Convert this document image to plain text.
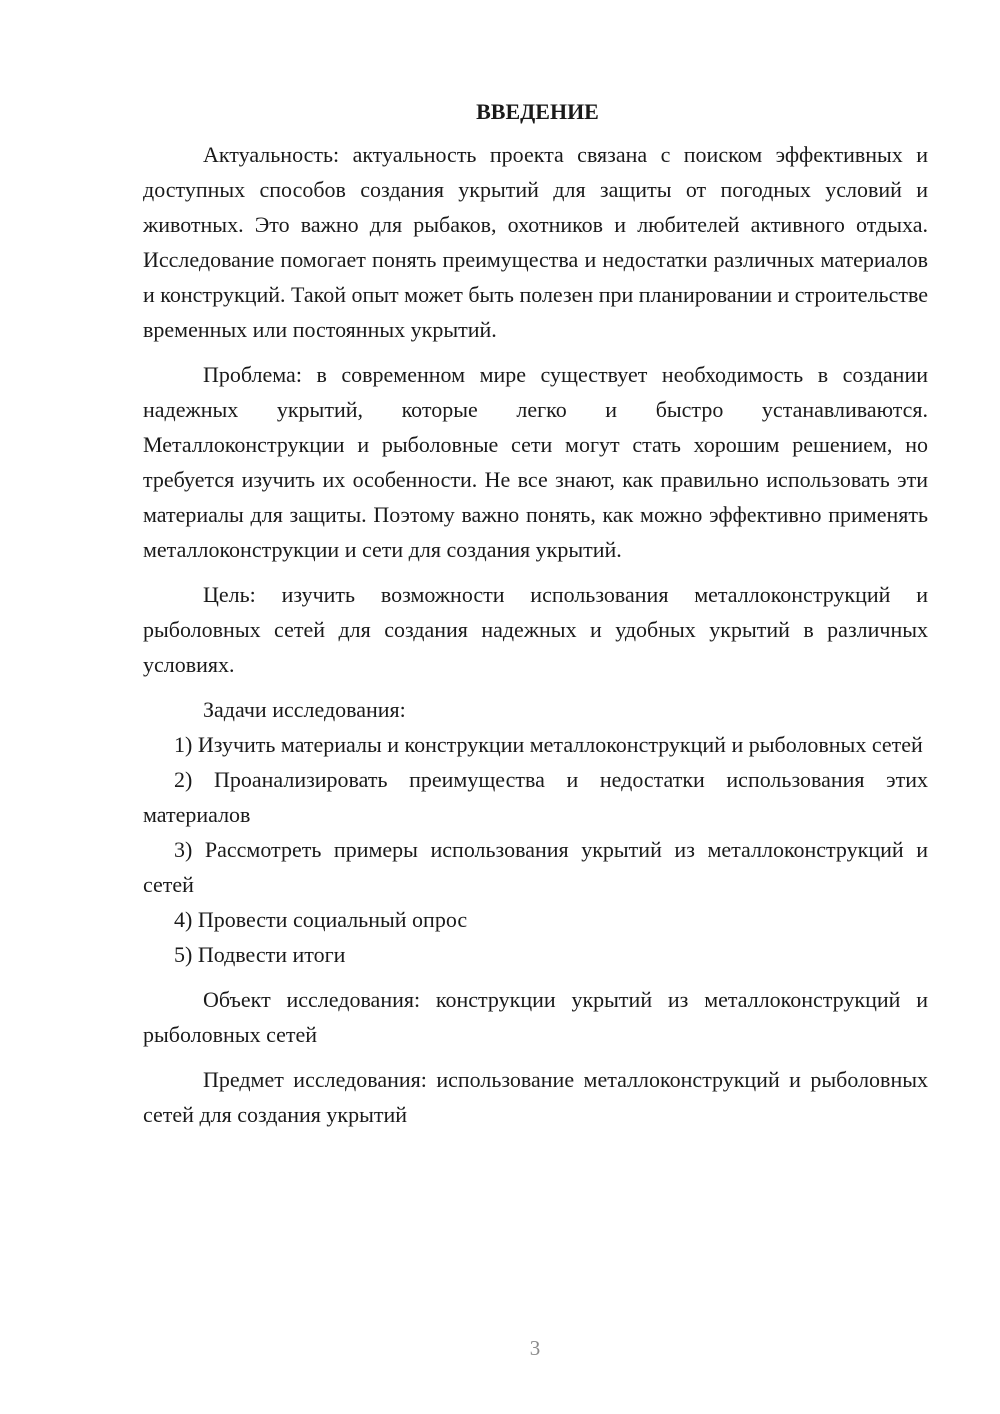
ВВЕДЕНИЕ

Актуальность: актуальность проекта связана с поиском эффективных и доступных способов создания укрытий для защиты от погодных условий и животных. Это важно для рыбаков, охотников и любителей активного отдыха. Исследование помогает понять преимущества и недостатки различных материалов и конструкций. Такой опыт может быть полезен при планировании и строительстве временных или постоянных укрытий.

Проблема: в современном мире существует необходимость в создании надежных укрытий, которые легко и быстро устанавливаются. Металлоконструкции и рыболовные сети могут стать хорошим решением, но требуется изучить их особенности. Не все знают, как правильно использовать эти материалы для защиты. Поэтому важно понять, как можно эффективно применять металлоконструкции и сети для создания укрытий.

Цель: изучить возможности использования металлоконструкций и рыболовных сетей для создания надежных и удобных укрытий в различных условиях.

Задачи исследования:

1) Изучить материалы и конструкции металлоконструкций и рыболовных сетей

2) Проанализировать преимущества и недостатки использования этих материалов

3) Рассмотреть примеры использования укрытий из металлоконструкций и сетей

4) Провести социальный опрос

5) Подвести итоги

Объект исследования: конструкции укрытий из металлоконструкций и рыболовных сетей

Предмет исследования: использование металлоконструкций и рыболовных сетей для создания укрытий

3
